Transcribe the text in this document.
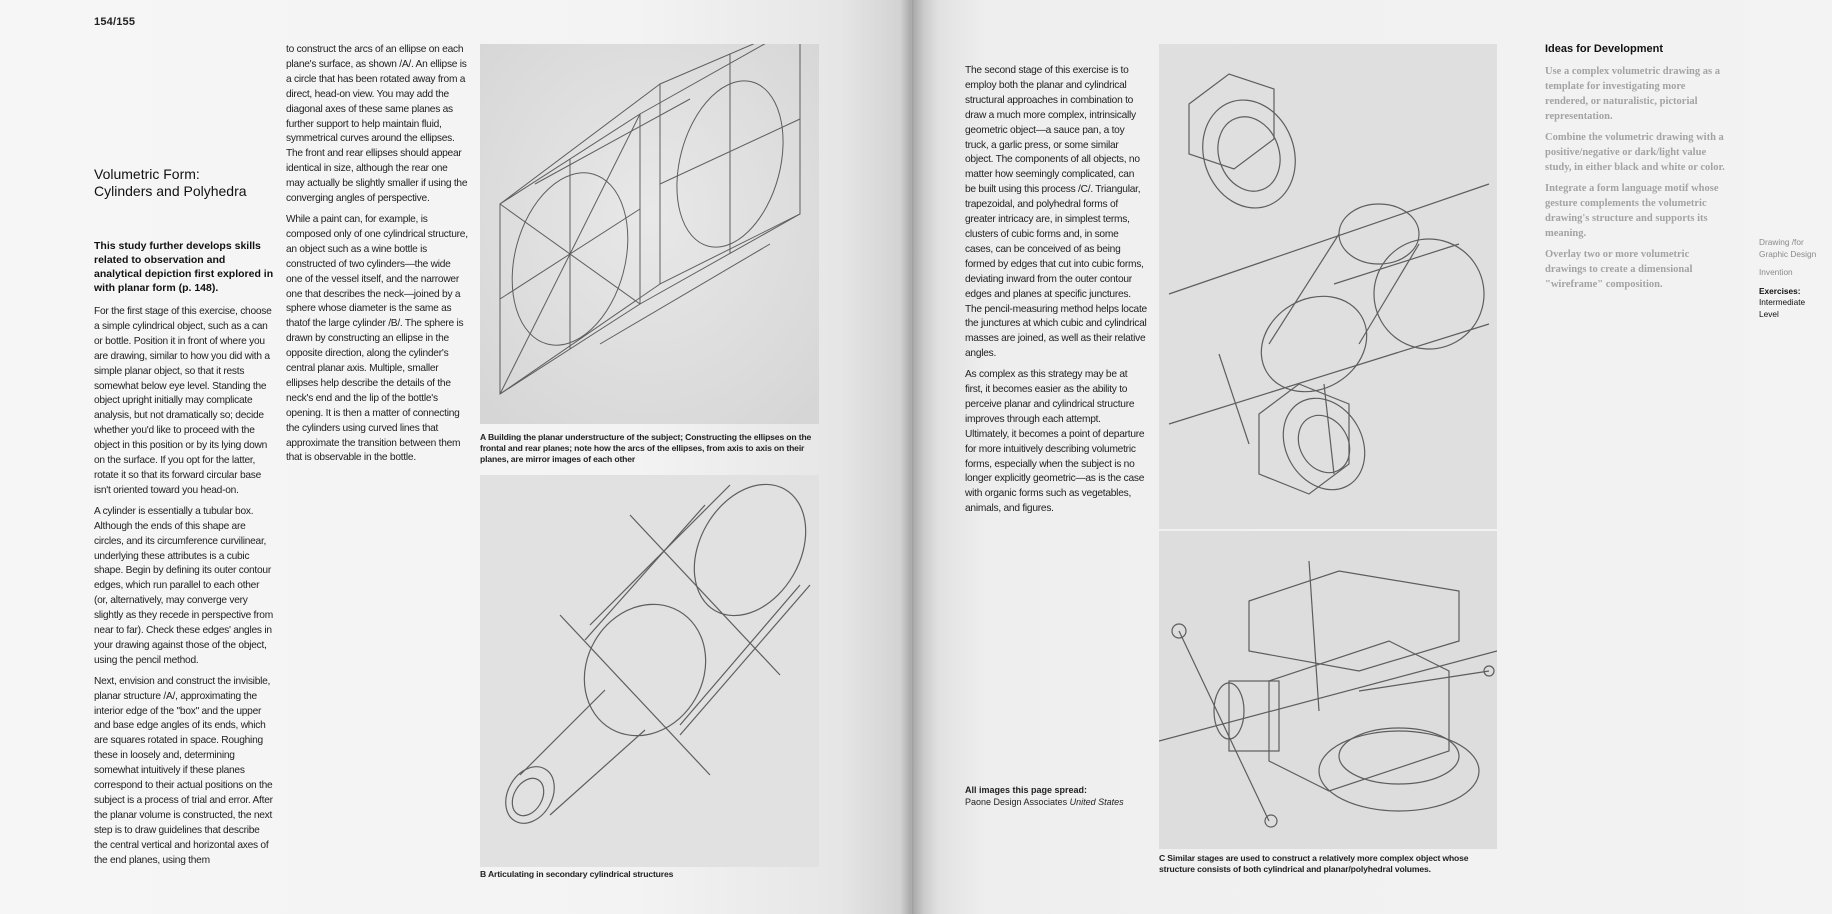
154/155
Volumetric Form:
Cylinders and Polyhedra
This study further develops skills related to observation and analytical depiction first explored in with planar form (p. 148).

For the first stage of this exercise, choose a simple cylindrical object, such as a can or bottle. Position it in front of where you are drawing, similar to how you did with a simple planar object, so that it rests somewhat below eye level. Standing the object upright initially may complicate analysis, but not dramatically so; decide whether you'd like to proceed with the object in this position or by its lying down on the surface. If you opt for the latter, rotate it so that its forward circular base isn't oriented toward you head-on.

A cylinder is essentially a tubular box. Although the ends of this shape are circles, and its circumference curvilinear, underlying these attributes is a cubic shape. Begin by defining its outer contour edges, which run parallel to each other (or, alternatively, may converge very slightly as they recede in perspective from near to far). Check these edges' angles in your drawing against those of the object, using the pencil method.

Next, envision and construct the invisible, planar structure /A/, approximating the interior edge of the "box" and the upper and base edge angles of its ends, which are squares rotated in space. Roughing these in loosely and, determining somewhat intuitively if these planes correspond to their actual positions on the subject is a process of trial and error. After the planar volume is constructed, the next step is to draw guidelines that describe the central vertical and horizontal axes of the end planes, using them

to construct the arcs of an ellipse on each plane's surface, as shown /A/. An ellipse is a circle that has been rotated away from a direct, head-on view. You may add the diagonal axes of these same planes as further support to help maintain fluid, symmetrical curves around the ellipses. The front and rear ellipses should appear identical in size, although the rear one may actually be slightly smaller if using the converging angles of perspective.

While a paint can, for example, is composed only of one cylindrical structure, an object such as a wine bottle is constructed of two cylinders—the wide one of the vessel itself, and the narrower one that describes the neck—joined by a sphere whose diameter is the same as thatof the large cylinder /B/. The sphere is drawn by constructing an ellipse in the opposite direction, along the cylinder's central planar axis. Multiple, smaller ellipses help describe the details of the neck's end and the lip of the bottle's opening. It is then a matter of connecting the cylinders using curved lines that approximate the transition between them that is observable in the bottle.

A Building the planar understructure of the subject; Constructing the ellipses on the frontal and rear planes; note how the arcs of the ellipses, from axis to axis on their planes, are mirror images of each other
B Articulating in secondary cylindrical structures

The second stage of this exercise is to employ both the planar and cylindrical structural approaches in combination to draw a much more complex, intrinsically geometric object—a sauce pan, a toy truck, a garlic press, or some similar object. The components of all objects, no matter how seemingly complicated, can be built using this process /C/. Triangular, trapezoidal, and polyhedral forms of greater intricacy are, in simplest terms, clusters of cubic forms and, in some cases, can be conceived of as being formed by edges that cut into cubic forms, deviating inward from the outer contour edges and planes at specific junctures. The pencil-measuring method helps locate the junctures at which cubic and cylindrical masses are joined, as well as their relative angles.

As complex as this strategy may be at first, it becomes easier as the ability to perceive planar and cylindrical structure improves through each attempt. Ultimately, it becomes a point of departure for more intuitively describing volumetric forms, especially when the subject is no longer explicitly geometric—as is the case with organic forms such as vegetables, animals, and figures.

C Similar stages are used to construct a relatively more complex object whose structure consists of both cylindrical and planar/polyhedral volumes.
All images this page spread:
Paone Design Associates United States
Ideas for Development

Use a complex volumetric drawing as a template for investigating more rendered, or naturalistic, pictorial representation.

Combine the volumetric drawing with a positive/negative or dark/light value study, in either black and white or color.

Integrate a form language motif whose gesture complements the volumetric drawing's structure and supports its meaning.

Overlay two or more volumetric drawings to create a dimensional "wireframe" composition.

Drawing /for Graphic Design
Invention
Exercises:
Intermediate Level
